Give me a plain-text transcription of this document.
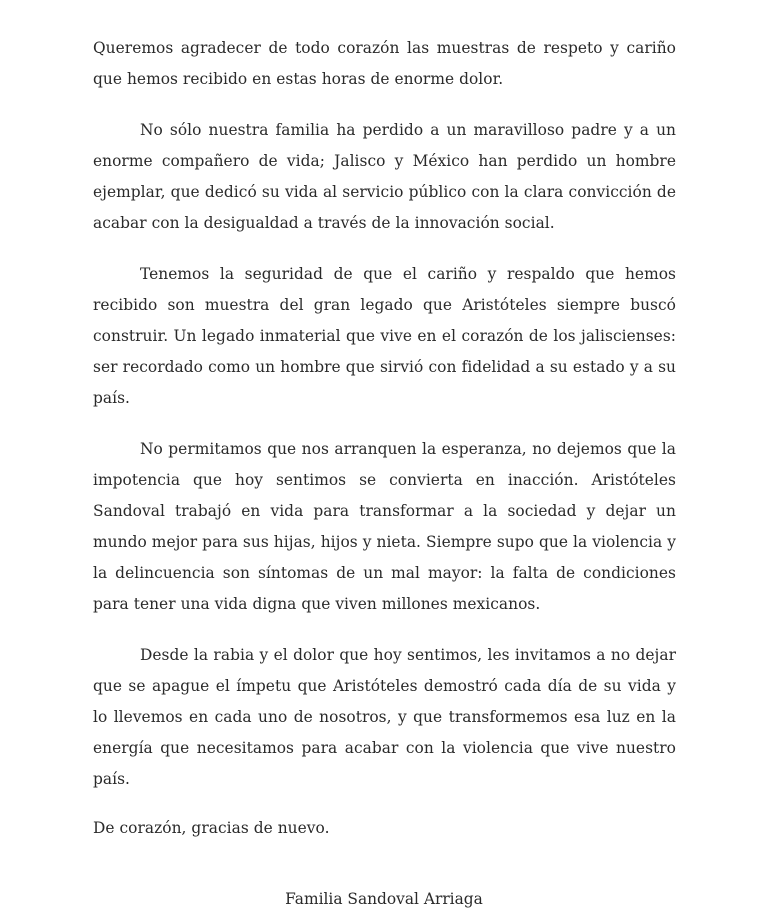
Queremos agradecer de todo corazón las muestras de respeto y cariño que hemos recibido en estas horas de enorme dolor.

No sólo nuestra familia ha perdido a un maravilloso padre y a un enorme compañero de vida; Jalisco y México han perdido un hombre ejemplar, que dedicó su vida al servicio público con la clara convicción de acabar con la desigualdad a través de la innovación social.

Tenemos la seguridad de que el cariño y respaldo que hemos recibido son muestra del gran legado que Aristóteles siempre buscó construir. Un legado inmaterial que vive en el corazón de los jaliscienses: ser recordado como un hombre que sirvió con fidelidad a su estado y a su país.

No permitamos que nos arranquen la esperanza, no dejemos que la impotencia que hoy sentimos se convierta en inacción. Aristóteles Sandoval trabajó en vida para transformar a la sociedad y dejar un mundo mejor para sus hijas, hijos y nieta. Siempre supo que la violencia y la delincuencia son síntomas de un mal mayor: la falta de condiciones para tener una vida digna que viven millones mexicanos.

Desde la rabia y el dolor que hoy sentimos, les invitamos a no dejar que se apague el ímpetu que Aristóteles demostró cada día de su vida y lo llevemos en cada uno de nosotros, y que transformemos esa luz en la energía que necesitamos para acabar con la violencia que vive nuestro país.

De corazón, gracias de nuevo.

Familia Sandoval Arriaga
